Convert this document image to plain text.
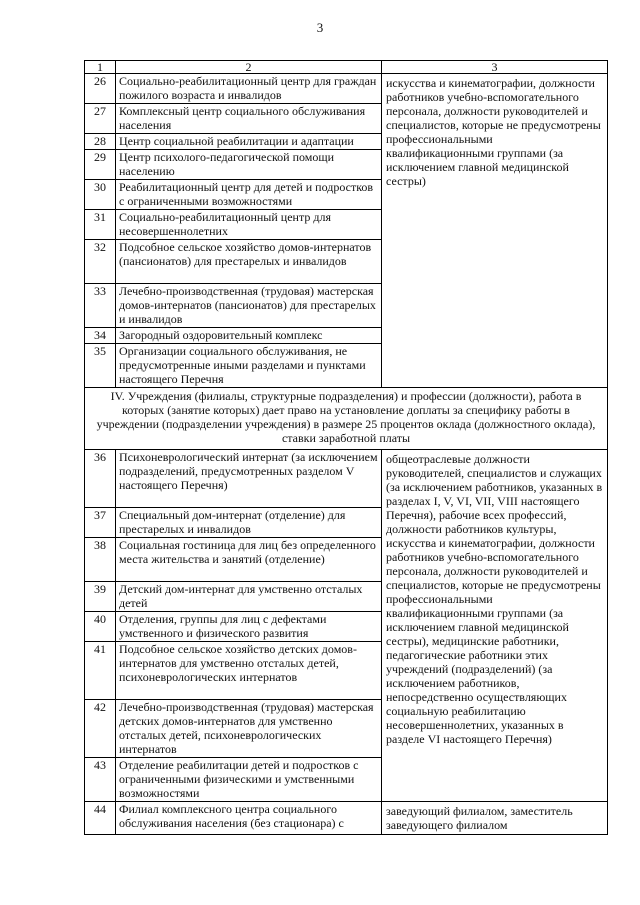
3
1	2	3
26	Социально-реабилитационный центр для граждан пожилого возраста и инвалидов	искусства и кинематографии, должности работников учебно-вспомогательного персонала, должности руководителей и специалистов, которые не предусмотрены профессиональными квалификационными группами (за исключением главной медицинской сестры)
27	Комплексный центр социального обслуживания населения	
28	Центр социальной реабилитации и адаптации	
29	Центр психолого-педагогической помощи населению	
30	Реабилитационный центр для детей и подростков с ограниченными возможностями	
31	Социально-реабилитационный центр для несовершеннолетних	
32	Подсобное сельское хозяйство домов-интернатов (пансионатов) для престарелых и инвалидов	
33	Лечебно-производственная (трудовая) мастерская домов-интернатов (пансионатов) для престарелых и инвалидов	
34	Загородный оздоровительный комплекс	
35	Организации социального обслуживания, не предусмотренные иными разделами и пунктами настоящего Перечня	
IV. Учреждения (филиалы, структурные подразделения) и профессии (должности), работа в которых (занятие которых) дает право на установление доплаты за специфику работы в учреждении (подразделении учреждения) в размере 25 процентов оклада (должностного оклада), ставки заработной платы		
36	Психоневрологический интернат (за исключением подразделений, предусмотренных разделом V настоящего Перечня)	общеотраслевые должности руководителей, специалистов и служащих (за исключением работников, указанных в разделах I, V, VI, VII, VIII настоящего Перечня), рабочие всех профессий, должности работников культуры, искусства и кинематографии, должности работников учебно-вспомогательного персонала, должности руководителей и специалистов, которые не предусмотрены профессиональными квалификационными группами (за исключением главной медицинской сестры), медицинские работники, педагогические работники этих учреждений (подразделений) (за исключением работников, непосредственно осуществляющих социальную реабилитацию несовершеннолетних, указанных в разделе VI настоящего Перечня)
37	Специальный дом-интернат (отделение) для престарелых и инвалидов	
38	Социальная гостиница для лиц без определенного места жительства и занятий (отделение)	
39	Детский дом-интернат для умственно отсталых детей	
40	Отделения, группы для лиц с дефектами умственного и физического развития	
41	Подсобное сельское хозяйство детских домов-интернатов для умственно отсталых детей, психоневрологических интернатов	
42	Лечебно-производственная (трудовая) мастерская детских домов-интернатов для умственно отсталых детей, психоневрологических интернатов	
43	Отделение реабилитации детей и подростков с ограниченными физическими и умственными возможностями	
44	Филиал комплексного центра социального обслуживания населения (без стационара) с	заведующий филиалом, заместитель заведующего филиалом
